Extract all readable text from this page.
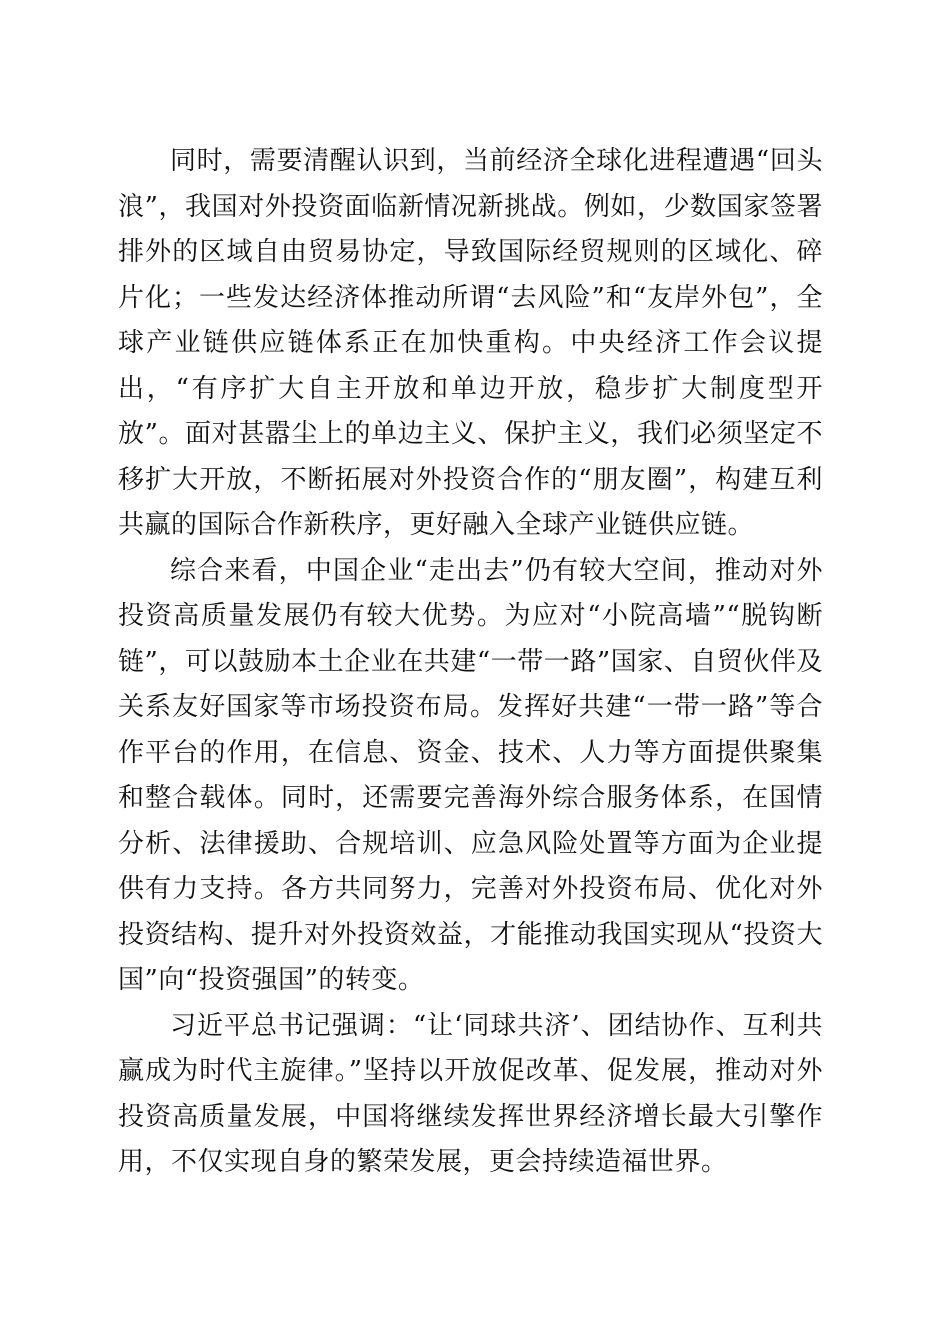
同时，需要清醒认识到，当前经济全球化进程遭遇“回头浪”，我国对外投资面临新情况新挑战。例如，少数国家签署排外的区域自由贸易协定，导致国际经贸规则的区域化、碎片化；一些发达经济体推动所谓“去风险”和“友岸外包”，全球产业链供应链体系正在加快重构。中央经济工作会议提出，“有序扩大自主开放和单边开放，稳步扩大制度型开放”。面对甚嚣尘上的单边主义、保护主义，我们必须坚定不移扩大开放，不断拓展对外投资合作的“朋友圈”，构建互利共赢的国际合作新秩序，更好融入全球产业链供应链。

综合来看，中国企业“走出去”仍有较大空间，推动对外投资高质量发展仍有较大优势。为应对“小院高墙”“脱钩断链”，可以鼓励本土企业在共建“一带一路”国家、自贸伙伴及关系友好国家等市场投资布局。发挥好共建“一带一路”等合作平台的作用，在信息、资金、技术、人力等方面提供聚集和整合载体。同时，还需要完善海外综合服务体系，在国情分析、法律援助、合规培训、应急风险处置等方面为企业提供有力支持。各方共同努力，完善对外投资布局、优化对外投资结构、提升对外投资效益，才能推动我国实现从“投资大国”向“投资强国”的转变。

习近平总书记强调：“让‘同球共济’、团结协作、互利共赢成为时代主旋律。”坚持以开放促改革、促发展，推动对外投资高质量发展，中国将继续发挥世界经济增长最大引擎作用，不仅实现自身的繁荣发展，更会持续造福世界。
